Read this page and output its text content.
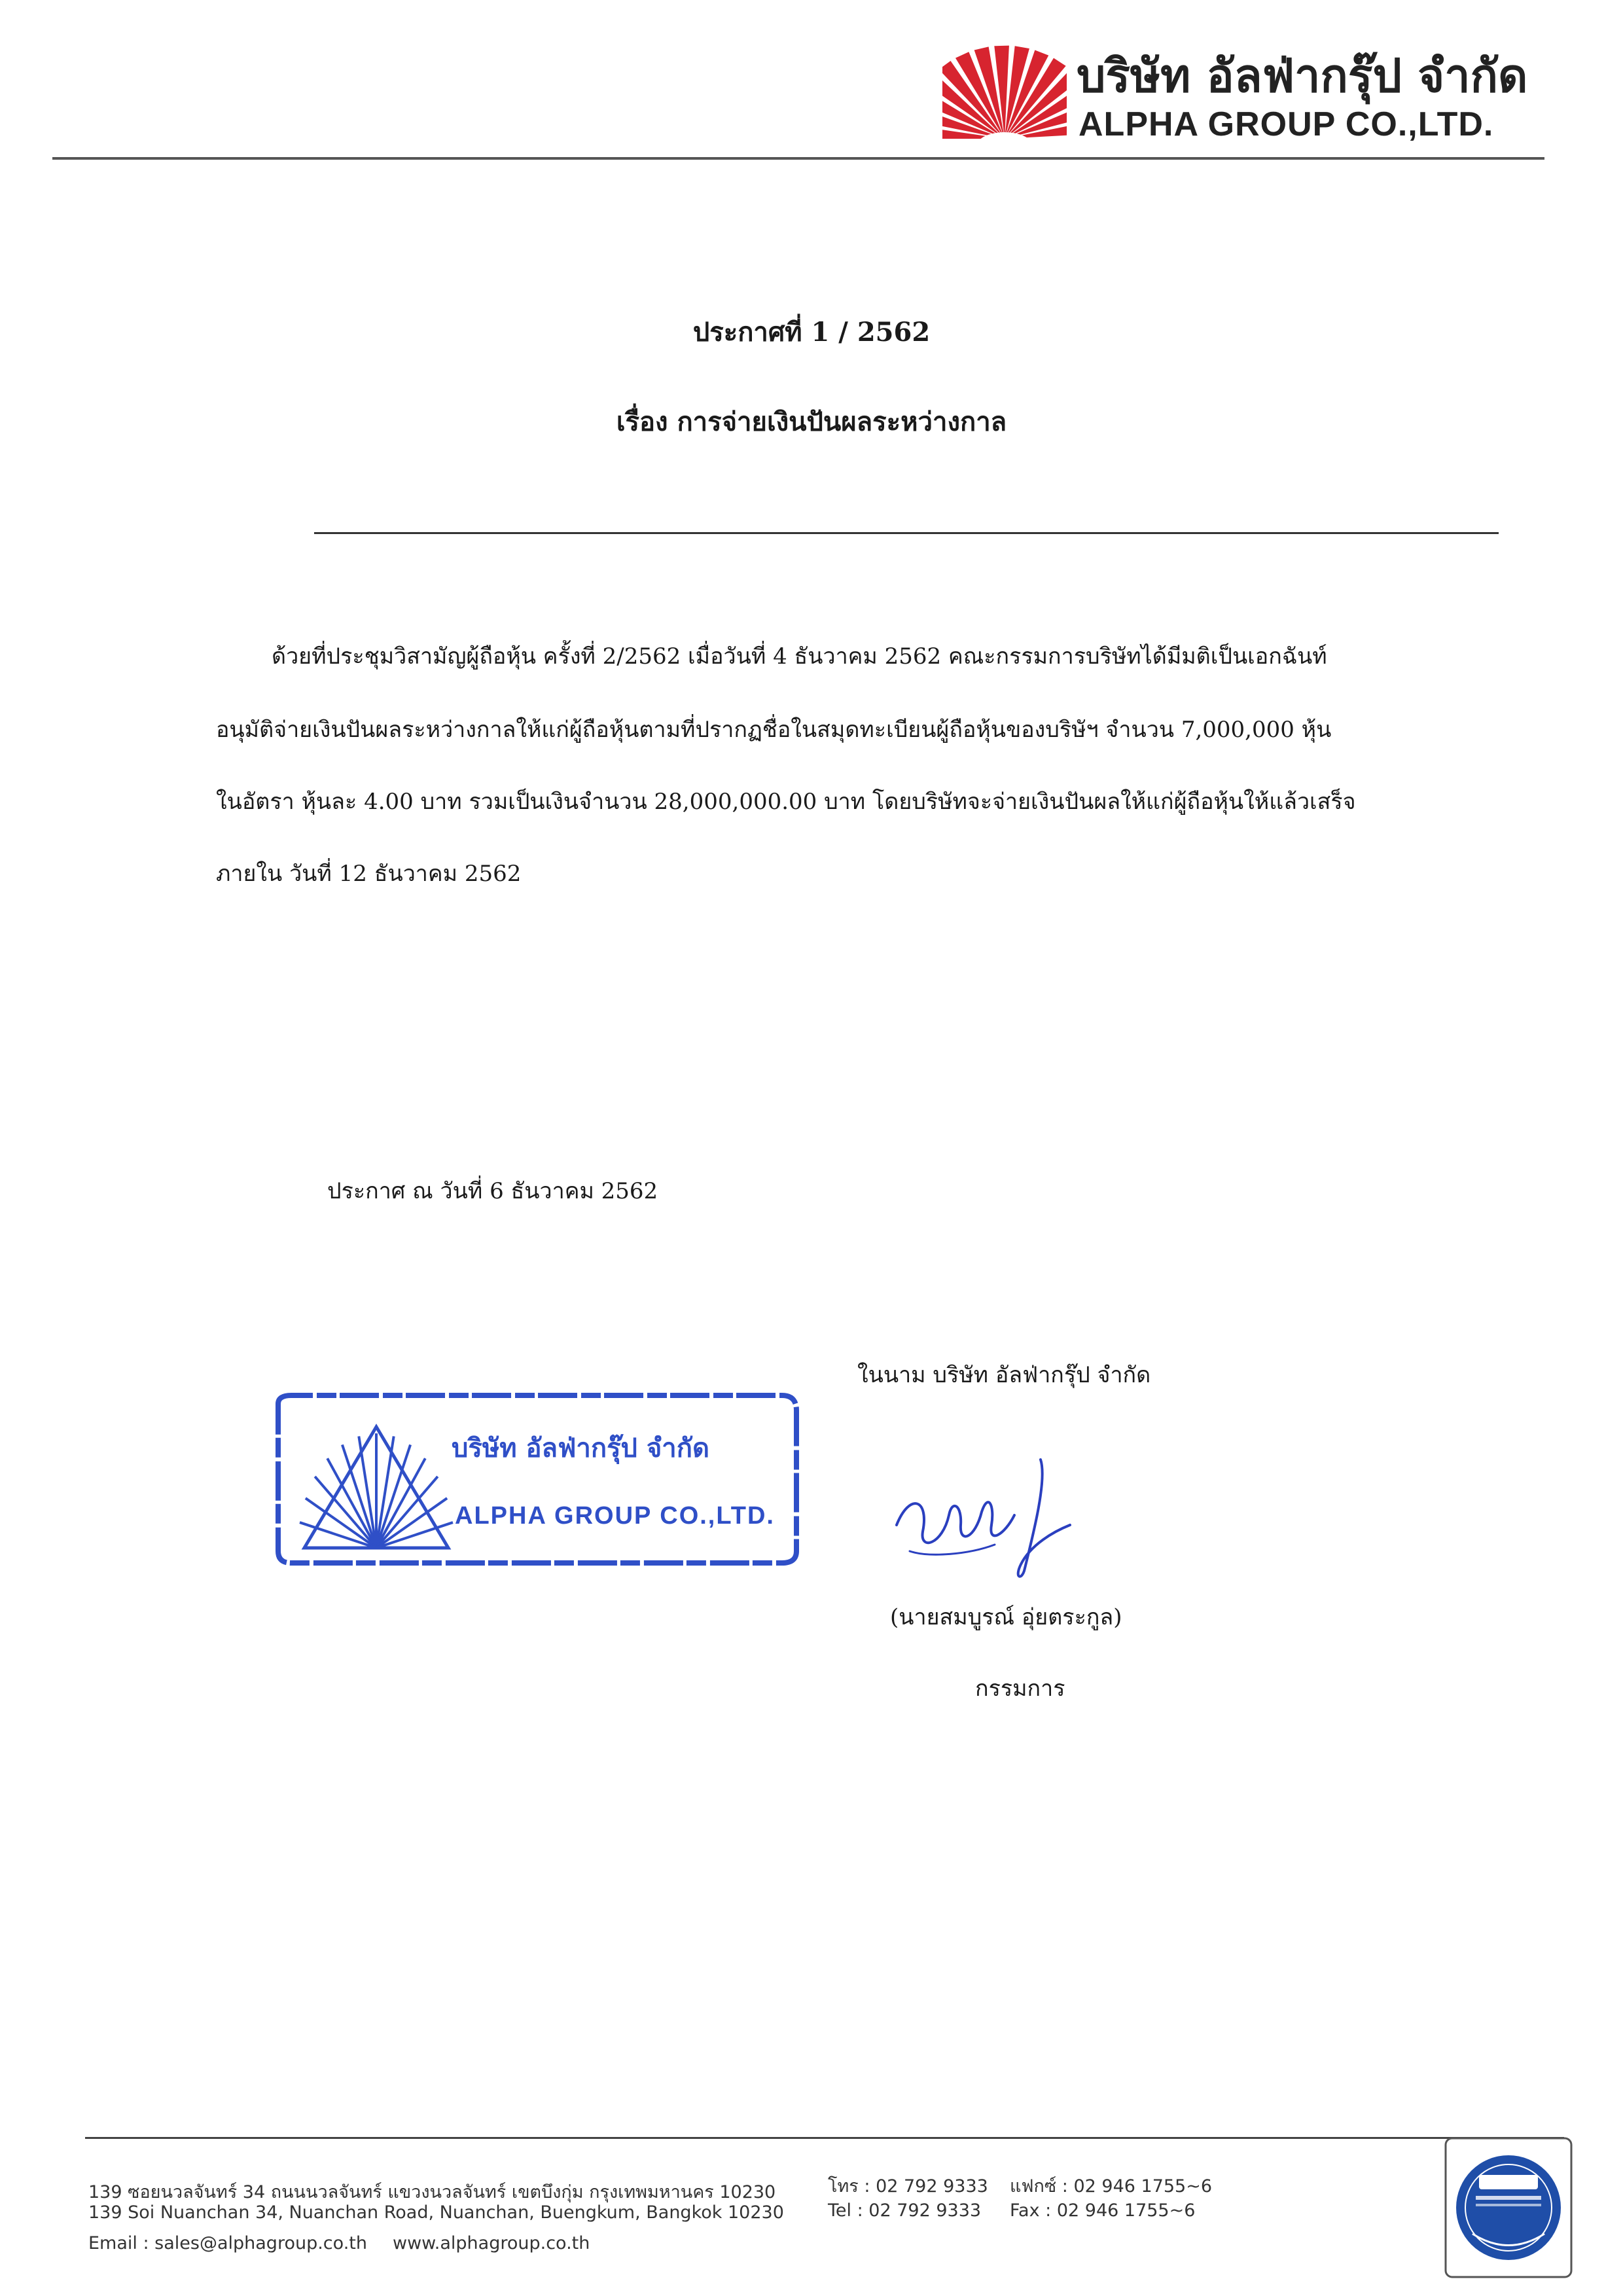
บริษัท อัลฟ่ากรุ๊ป จำกัด
ALPHA GROUP CO.,LTD.
ประกาศที่ 1 / 2562
เรื่อง การจ่ายเงินปันผลระหว่างกาล
ด้วยที่ประชุมวิสามัญผู้ถือหุ้น ครั้งที่ 2/2562 เมื่อวันที่ 4 ธันวาคม 2562 คณะกรรมการบริษัทได้มีมติเป็นเอกฉันท์
อนุมัติจ่ายเงินปันผลระหว่างกาลให้แก่ผู้ถือหุ้นตามที่ปรากฏชื่อในสมุดทะเบียนผู้ถือหุ้นของบริษัฯ จำนวน 7,000,000 หุ้น
ในอัตรา หุ้นละ 4.00 บาท รวมเป็นเงินจำนวน 28,000,000.00 บาท โดยบริษัทจะจ่ายเงินปันผลให้แก่ผู้ถือหุ้นให้แล้วเสร็จ
ภายใน วันที่ 12 ธันวาคม 2562
ประกาศ ณ วันที่ 6 ธันวาคม 2562
ในนาม บริษัท อัลฟ่ากรุ๊ป จำกัด
บริษัท อัลฟ่ากรุ๊ป จำกัด
ALPHA GROUP CO.,LTD.
(นายสมบูรณ์ อุ่ยตระกูล)
กรรมการ
139 ซอยนวลจันทร์ 34 ถนนนวลจันทร์ แขวงนวลจันทร์ เขตบึงกุ่ม กรุงเทพมหานคร 10230	โทร : 02 792 9333 แฟกซ์ : 02 946 1755~6
139 Soi Nuanchan 34, Nuanchan Road, Nuanchan, Buengkum, Bangkok 10230 Tel : 02 792 9333 Fax : 02 946 1755~6
Email : sales@alphagroup.co.th www.alphagroup.co.th
